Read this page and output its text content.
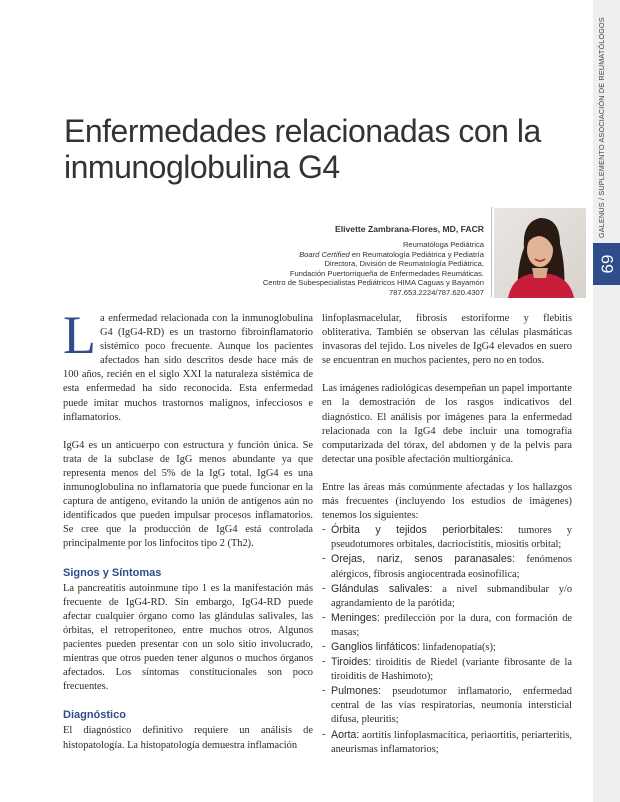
GALENUS / SUPLEMENTO ASOCIACIÓN DE REUMATÓLOGOS
69
Enfermedades relacionadas con la inmunoglobulina G4
Elivette Zambrana-Flores, MD, FACR
Reumatóloga Pediátrica
Board Certified en Reumatología Pediátrica y Pediatría
Directora, División de Reumatología Pediátrica,
Fundación Puertorriqueña de Enfermedades Reumáticas.
Centro de Subespecialistas Pediátricos HIMA Caguas y Bayamón
787.653.2224/787.620.4307

La enfermedad relacionada con la inmunoglobulina G4 (IgG4-RD) es un trastorno fibroinflamatorio sistémico poco frecuente. Aunque los pacientes afectados han sido descritos desde hace más de 100 años, recién en el siglo XXI la naturaleza sistémica de esta enfermedad ha sido reconocida. Esta enfermedad puede imitar muchos trastornos malignos, infecciosos e inflamatorios.

IgG4 es un anticuerpo con estructura y función única. Se trata de la subclase de IgG menos abundante ya que representa menos del 5% de la IgG total. IgG4 es una inmunoglobulina no inflamatoria que puede funcionar en la captura de antígeno, evitando la unión de antígenos aún no identificados que pueden impulsar procesos inflamatorios. Se cree que la producción de IgG4 está controlada principalmente por los linfocitos tipo 2 (Th2).

Signos y Síntomas

La pancreatitis autoinmune tipo 1 es la manifestación más frecuente de IgG4-RD. Sin embargo, IgG4-RD puede afectar cualquier órgano como las glándulas salivales, las órbitas, el retroperitoneo, entre muchos otros. Algunos pacientes pueden presentar con un solo sitio involucrado, mientras que otros pueden tener algunos o muchos órganos afectados. Los síntomas constitucionales son poco frecuentes.

Diagnóstico

El diagnóstico definitivo requiere un análisis de histopatología. La histopatología demuestra inflamación

linfoplasmacelular, fibrosis estoriforme y flebitis obliterativa. También se observan las células plasmáticas invasoras del tejido. Los niveles de IgG4 elevados en suero se encuentran en muchos pacientes, pero no en todos.

Las imágenes radiológicas desempeñan un papel importante en la demostración de los rasgos indicativos del diagnóstico. El análisis por imágenes para la enfermedad relacionada con la IgG4 debe incluir una tomografía computarizada del tórax, del abdomen y de la pelvis para detectar una posible afectación multiorgánica.

Entre las áreas más comúnmente afectadas y los hallazgos más frecuentes (incluyendo los estudios de imágenes) tenemos los siguientes:

- Órbita y tejidos periorbitales: tumores y pseudotumores orbitales, dacriocistitis, miositis orbital;
- Orejas, nariz, senos paranasales: fenómenos alérgicos, fibrosis angiocentrada eosinofílica;
- Glándulas salivales: a nivel submandibular y/o agrandamiento de la parótida;
- Meninges: predilección por la dura, con formación de masas;
- Ganglios linfáticos: linfadenopatía(s);
- Tiroides: tiroiditis de Riedel (variante fibrosante de la tiroiditis de Hashimoto);
- Pulmones: pseudotumor inflamatorio, enfermedad central de las vías respiratorias, neumonía intersticial difusa, pleuritis;
- Aorta: aortitis linfoplasmacítica, periaortitis, periarteritis, aneurismas inflamatorios;
